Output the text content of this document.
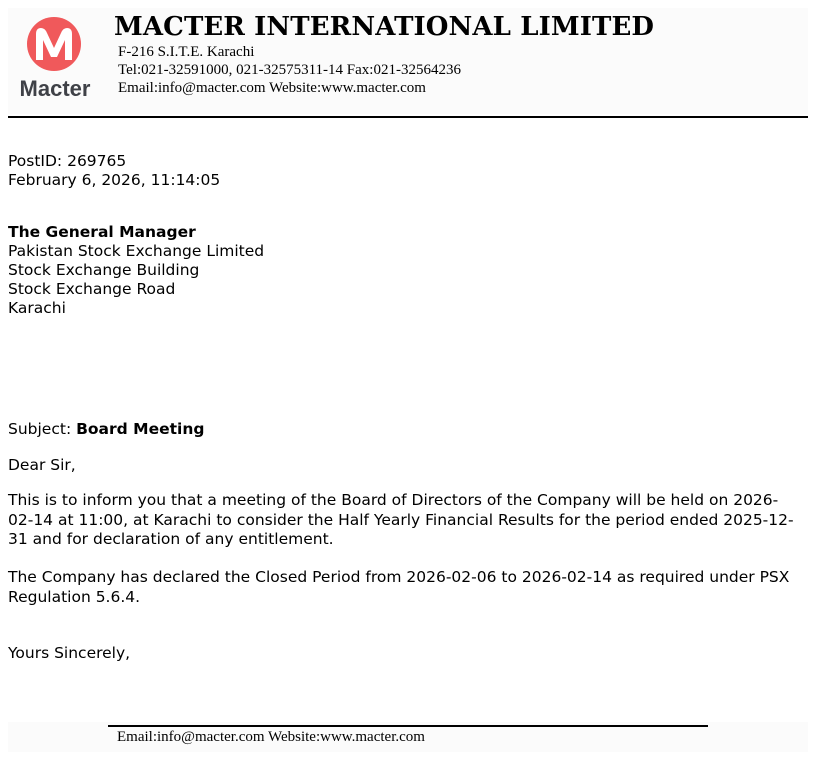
Macter
MACTER INTERNATIONAL LIMITED
F-216 S.I.T.E. Karachi
Tel:021-32591000, 021-32575311-14 Fax:021-32564236
Email:info@macter.com Website:www.macter.com
PostID: 269765
February 6, 2026, 11:14:05
The General Manager
Pakistan Stock Exchange Limited
Stock Exchange Building
Stock Exchange Road
Karachi
Subject: Board Meeting
Dear Sir,
This is to inform you that a meeting of the Board of Directors of the Company will be held on 2026-02-14 at 11:00, at Karachi to consider the Half Yearly Financial Results for the period ended 2025-12-31 and for declaration of any entitlement.
The Company has declared the Closed Period from 2026-02-06 to 2026-02-14 as required under PSX Regulation 5.6.4.
Yours Sincerely,
Email:info@macter.com Website:www.macter.com
